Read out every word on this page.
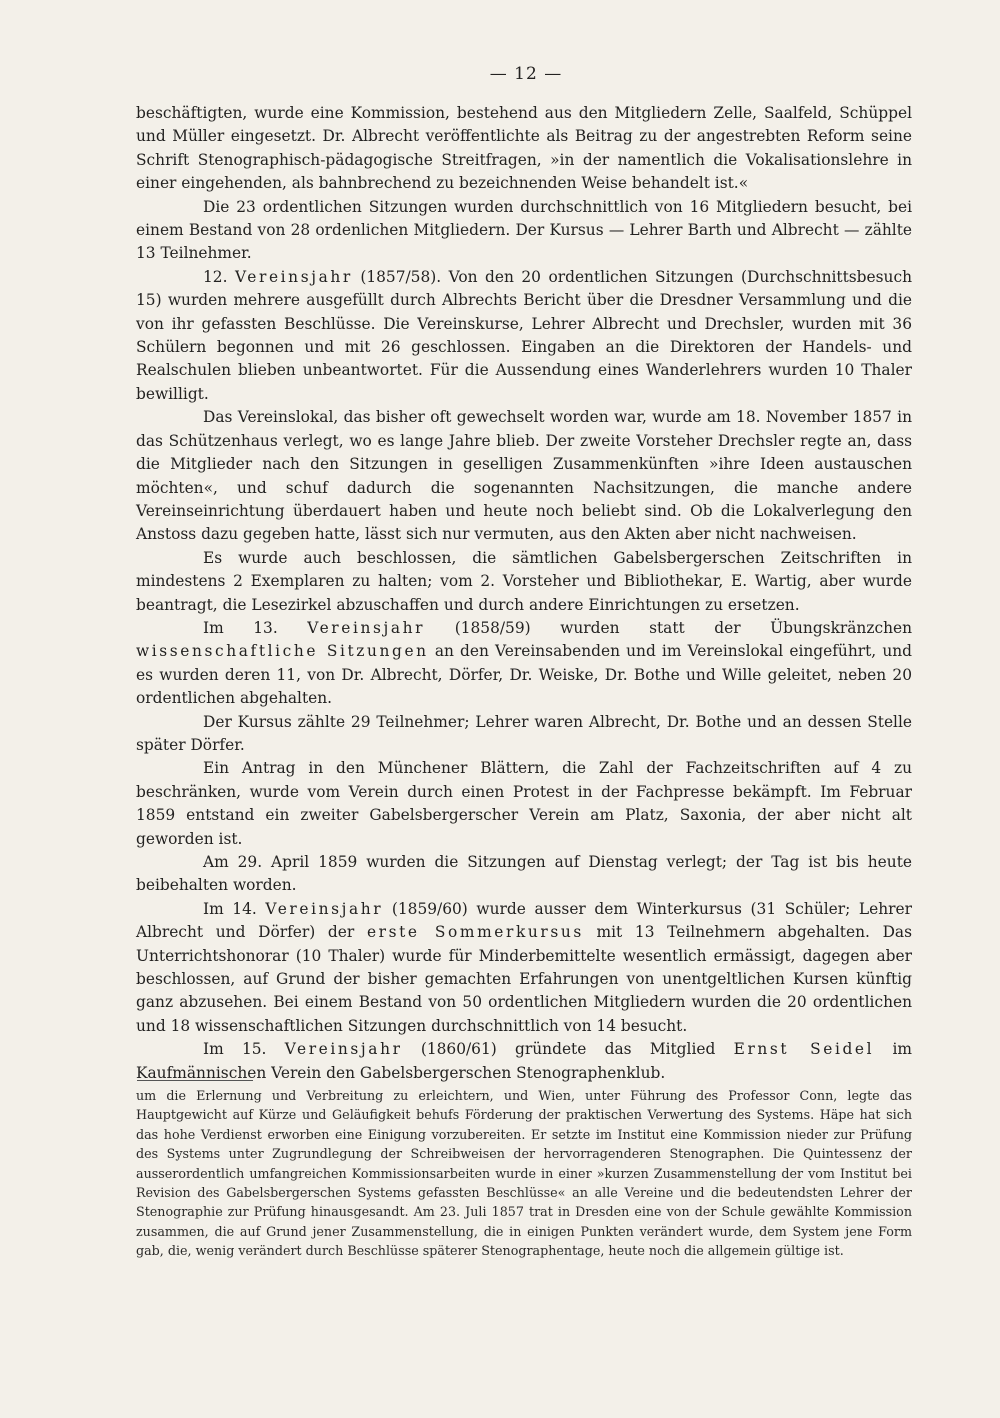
— 12 —

beschäftigten, wurde eine Kommission, bestehend aus den Mitgliedern Zelle, Saalfeld, Schüppel und Müller eingesetzt. Dr. Albrecht veröffentlichte als Beitrag zu der angestrebten Reform seine Schrift Stenographisch-pädagogische Streitfragen, »in der namentlich die Vokalisationslehre in einer eingehenden, als bahnbrechend zu bezeichnenden Weise behandelt ist.«

Die 23 ordentlichen Sitzungen wurden durchschnittlich von 16 Mitgliedern besucht, bei einem Bestand von 28 ordenlichen Mitgliedern. Der Kursus — Lehrer Barth und Albrecht — zählte 13 Teilnehmer.

12. Vereinsjahr (1857/58). Von den 20 ordentlichen Sitzungen (Durchschnittsbesuch 15) wurden mehrere ausgefüllt durch Albrechts Bericht über die Dresdner Versammlung und die von ihr gefassten Beschlüsse. Die Vereinskurse, Lehrer Albrecht und Drechsler, wurden mit 36 Schülern begonnen und mit 26 geschlossen. Eingaben an die Direktoren der Handels- und Realschulen blieben unbeantwortet. Für die Aussendung eines Wanderlehrers wurden 10 Thaler bewilligt.

Das Vereinslokal, das bisher oft gewechselt worden war, wurde am 18. November 1857 in das Schützenhaus verlegt, wo es lange Jahre blieb. Der zweite Vorsteher Drechsler regte an, dass die Mitglieder nach den Sitzungen in geselligen Zusammenkünften »ihre Ideen austauschen möchten«, und schuf dadurch die sogenannten Nachsitzungen, die manche andere Vereinseinrichtung überdauert haben und heute noch beliebt sind. Ob die Lokalverlegung den Anstoss dazu gegeben hatte, lässt sich nur vermuten, aus den Akten aber nicht nachweisen.

Es wurde auch beschlossen, die sämtlichen Gabelsbergerschen Zeitschriften in mindestens 2 Exemplaren zu halten; vom 2. Vorsteher und Bibliothekar, E. Wartig, aber wurde beantragt, die Lesezirkel abzuschaffen und durch andere Einrichtungen zu ersetzen.

Im 13. Vereinsjahr (1858/59) wurden statt der Übungskränzchen wissenschaftliche Sitzungen an den Vereinsabenden und im Vereinslokal eingeführt, und es wurden deren 11, von Dr. Albrecht, Dörfer, Dr. Weiske, Dr. Bothe und Wille geleitet, neben 20 ordentlichen abgehalten.

Der Kursus zählte 29 Teilnehmer; Lehrer waren Albrecht, Dr. Bothe und an dessen Stelle später Dörfer.

Ein Antrag in den Münchener Blättern, die Zahl der Fachzeitschriften auf 4 zu beschränken, wurde vom Verein durch einen Protest in der Fachpresse bekämpft. Im Februar 1859 entstand ein zweiter Gabelsbergerscher Verein am Platz, Saxonia, der aber nicht alt geworden ist.

Am 29. April 1859 wurden die Sitzungen auf Dienstag verlegt; der Tag ist bis heute beibehalten worden.

Im 14. Vereinsjahr (1859/60) wurde ausser dem Winterkursus (31 Schüler; Lehrer Albrecht und Dörfer) der erste Sommerkursus mit 13 Teilnehmern abgehalten. Das Unterrichtshonorar (10 Thaler) wurde für Minderbemittelte wesentlich ermässigt, dagegen aber beschlossen, auf Grund der bisher gemachten Erfahrungen von unentgeltlichen Kursen künftig ganz abzusehen. Bei einem Bestand von 50 ordentlichen Mitgliedern wurden die 20 ordentlichen und 18 wissenschaftlichen Sitzungen durchschnittlich von 14 besucht.

Im 15. Vereinsjahr (1860/61) gründete das Mitglied Ernst Seidel im Kaufmännischen Verein den Gabelsbergerschen Stenographenklub.

um die Erlernung und Verbreitung zu erleichtern, und Wien, unter Führung des Professor Conn, legte das Hauptgewicht auf Kürze und Geläufigkeit behufs Förderung der praktischen Verwertung des Systems. Häpe hat sich das hohe Verdienst erworben eine Einigung vorzubereiten. Er setzte im Institut eine Kommission nieder zur Prüfung des Systems unter Zugrundlegung der Schreibweisen der hervorragenderen Stenographen. Die Quintessenz der ausserordentlich umfangreichen Kommissionsarbeiten wurde in einer »kurzen Zusammenstellung der vom Institut bei Revision des Gabelsbergerschen Systems gefassten Beschlüsse« an alle Vereine und die bedeutendsten Lehrer der Stenographie zur Prüfung hinausgesandt. Am 23. Juli 1857 trat in Dresden eine von der Schule gewählte Kommission zusammen, die auf Grund jener Zusammenstellung, die in einigen Punkten verändert wurde, dem System jene Form gab, die, wenig verändert durch Beschlüsse späterer Stenographentage, heute noch die allgemein gültige ist.
